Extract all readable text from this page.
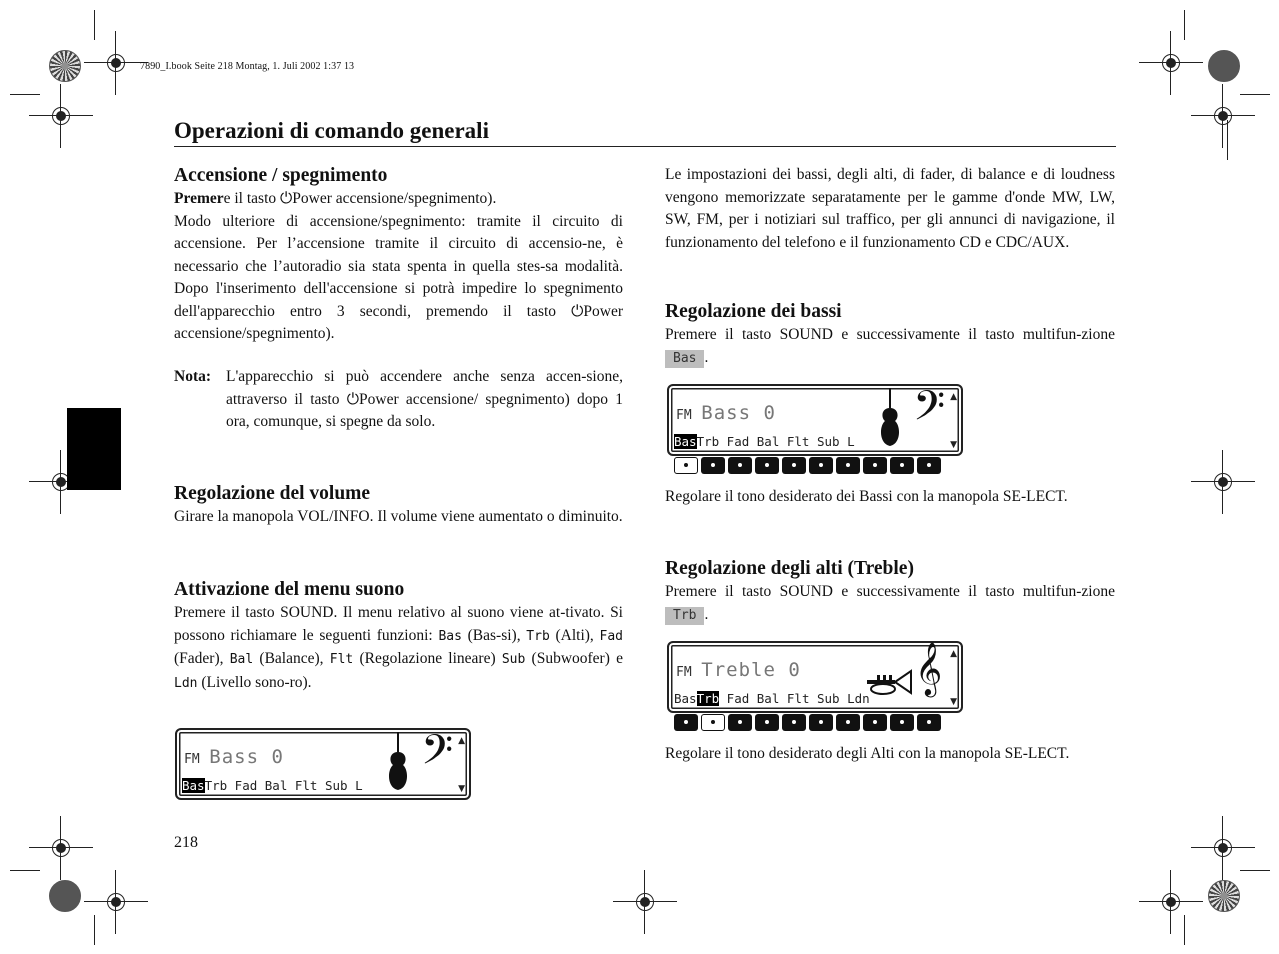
7890_I.book Seite 218 Montag, 1. Juli 2002 1:37 13
Operazioni di comando generali
Accensione / spegnimento

Premere il tasto ⏻Power accensione/spegnimento).

Modo ulteriore di accensione/spegnimento: tramite il circuito di accensione. Per l’accensione tramite il circuito di accensio-ne, è necessario che l’autoradio sia stata spenta in quella stes-sa modalità. Dopo l'inserimento dell'accensione si potrà impedire lo spegnimento dell'apparecchio entro 3 secondi, premendo il tasto ⏻Power accensione/spegnimento).

Nota: L'apparecchio si può accendere anche senza accen-sione, attraverso il tasto ⏻Power accensione/ spegnimento) dopo 1 ora, comunque, si spegne da solo.
Regolazione del volume

Girare la manopola VOL/INFO. Il volume viene aumentato o diminuito.

Attivazione del menu suono

Premere il tasto SOUND. Il menu relativo al suono viene at-tivato. Si possono richiamare le seguenti funzioni: Bas (Bas-si), Trb (Alti), Fad (Fader), Bal (Balance), Flt (Regolazione lineare) Sub (Subwoofer) e Ldn (Livello sono-ro).

FM Bass 0
BasTrb Fad Bal Flt Sub L
𝄢 ▲
▼
218

Le impostazioni dei bassi, degli alti, di fader, di balance e di loudness vengono memorizzate separatamente per le gamme d'onde MW, LW, SW, FM, per i notiziari sul traffico, per gli annunci di navigazione, il funzionamento del telefono e il funzionamento CD e CDC/AUX.

Regolazione dei bassi

Premere il tasto SOUND e successivamente il tasto multifun-zione Bas .

FM Bass 0
BasTrb Fad Bal Flt Sub L
𝄢 ▲
▼

Regolare il tono desiderato dei Bassi con la manopola SE-LECT.

Regolazione degli alti (Treble)

Premere il tasto SOUND e successivamente il tasto multifun-zione Trb .

FM Treble 0
BasTrb Fad Bal Flt Sub Ldn
𝄞 ▲
▼

Regolare il tono desiderato degli Alti con la manopola SE-LECT.
